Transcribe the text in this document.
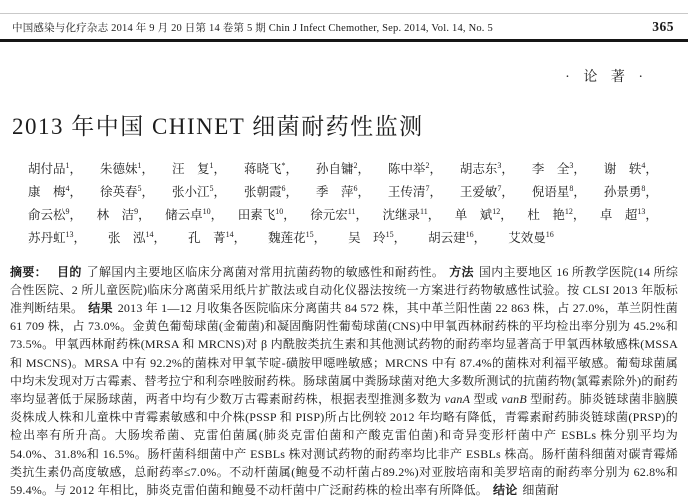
中国感染与化疗杂志 2014 年 9 月 20 日第 14 卷第 5 期 Chin J Infect Chemother, Sep. 2014, Vol. 14, No. 5	365
· 论 著 ·
2013 年中国 CHINET 细菌耐药性监测
胡付品$^1$， 朱德妹$^1$， 汪　复$^1$， 蒋晓飞*， 孙自镛$^2$， 陈中举$^2$， 胡志东$^3$， 李　全$^3$， 谢　轶$^4$，
康　梅$^4$， 徐英春$^5$， 张小江$^5$， 张朝霞$^6$， 季　萍$^6$， 王传清$^7$， 王爱敏$^7$， 倪语星$^8$， 孙景勇$^8$，
俞云松$^9$， 林　洁$^9$， 储云卓$^{10}$， 田素飞$^{10}$， 徐元宏$^{11}$， 沈继录$^{11}$， 单　斌$^{12}$， 杜　艳$^{12}$， 卓　超$^{13}$，
苏丹虹$^{13}$， 张　泓$^{14}$， 孔　菁$^{14}$， 魏莲花$^{15}$， 吴　玲$^{15}$， 胡云建$^{16}$， 艾效曼$^{16}$

摘要： 目的 了解国内主要地区临床分离菌对常用抗菌药物的敏感性和耐药性。 方法 国内主要地区 16 所教学医院(14 所综合性医院、2 所儿童医院)临床分离菌采用纸片扩散法或自动化仪器法按统一方案进行药物敏感性试验。按 CLSI 2013 年版标准判断结果。 结果 2013 年 1—12 月收集各医院临床分离菌共 84 572 株，其中革兰阳性菌 22 863 株，占 27.0%，革兰阴性菌 61 709 株，占 73.0%。金黄色葡萄球菌(金葡菌)和凝固酶阴性葡萄球菌(CNS)中甲氧西林耐药株的平均检出率分别为 45.2%和73.5%。甲氧西林耐药株(MRSA 和 MRCNS)对 β 内酰胺类抗生素和其他测试药物的耐药率均显著高于甲氧西林敏感株(MSSA 和 MSCNS)。MRSA 中有 92.2%的菌株对甲氧苄啶-磺胺甲噁唑敏感；MRCNS 中有 87.4%的菌株对利福平敏感。葡萄球菌属中均未发现对万古霉素、替考拉宁和利奈唑胺耐药株。肠球菌属中粪肠球菌对绝大多数所测试的抗菌药物(氯霉素除外)的耐药率均显著低于屎肠球菌，两者中均有少数万古霉素耐药株，根据表型推测多数为 vanA 型或 vanB 型耐药。肺炎链球菌非脑膜炎株成人株和儿童株中青霉素敏感和中介株(PSSP 和 PISP)所占比例较 2012 年均略有降低，青霉素耐药肺炎链球菌(PRSP)的检出率有所升高。大肠埃希菌、克雷伯菌属(肺炎克雷伯菌和产酸克雷伯菌)和奇异变形杆菌中产 ESBLs 株分别平均为 54.0%、31.8%和 16.5%。肠杆菌科细菌中产 ESBLs 株对测试药物的耐药率均比非产 ESBLs 株高。肠杆菌科细菌对碳青霉烯类抗生素仍高度敏感，总耐药率≤7.0%。不动杆菌属(鲍曼不动杆菌占89.2%)对亚胺培南和美罗培南的耐药率分别为 62.8%和 59.4%。与 2012 年相比，肺炎克雷伯菌和鲍曼不动杆菌中广泛耐药株的检出率有所降低。 结论 细菌耐
